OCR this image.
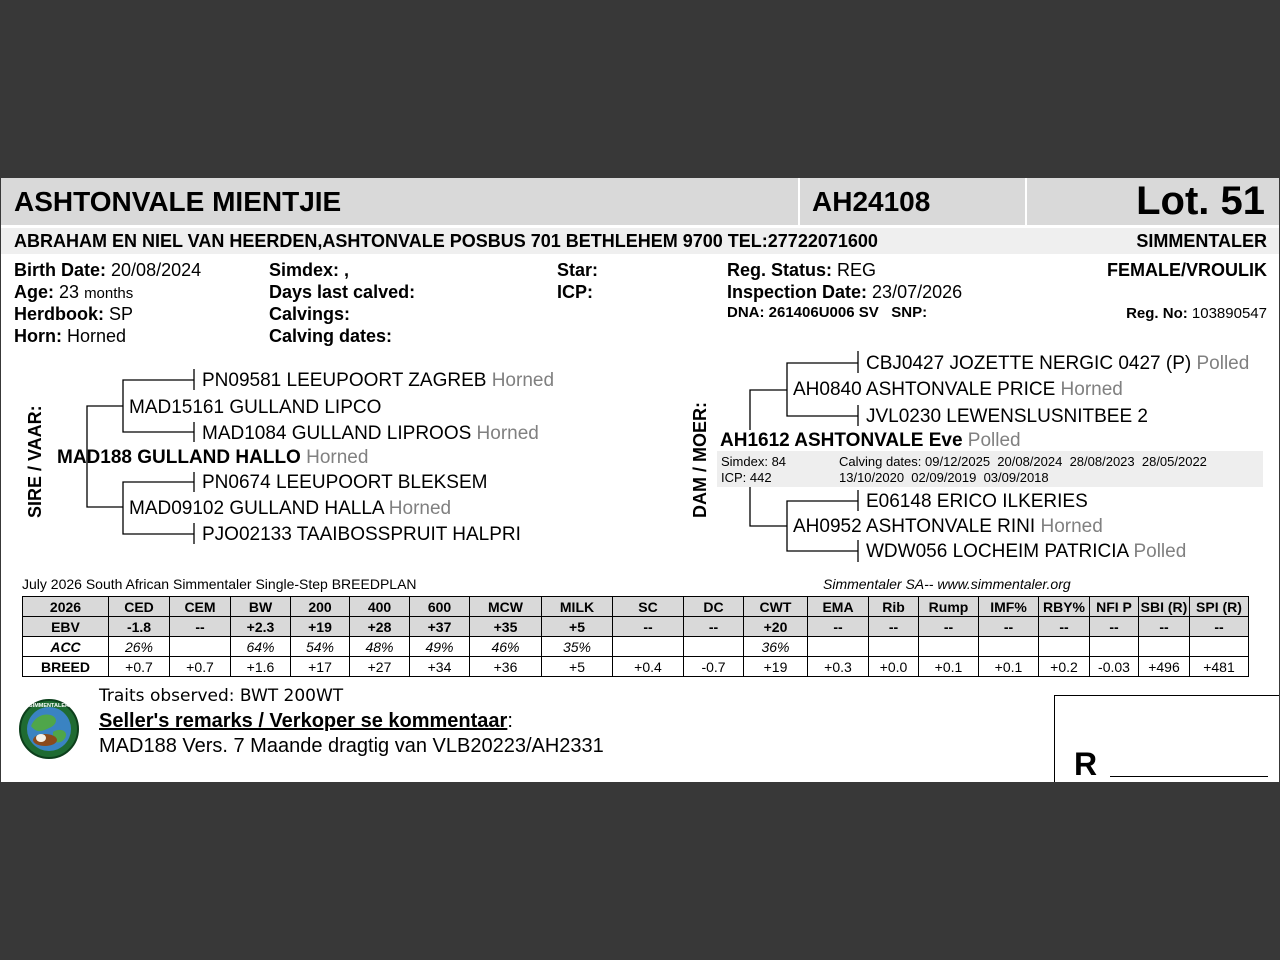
ASHTONVALE MIENTJIE	AH24108	Lot. 51
ABRAHAM EN NIEL VAN HEERDEN,ASHTONVALE POSBUS 701 BETHLEHEM 9700 TEL:27722071600	SIMMENTALER
Birth Date: 20/08/2024
Age: 23 months
Herdbook: SP
Horn: Horned
Simdex: ,
Days last calved:
Calvings:
Calving dates:
Star:
ICP:
Reg. Status: REG
Inspection Date: 23/07/2026
DNA: 261406U006 SV   SNP:
FEMALE/VROULIK
Reg. No: 103890547
SIRE / VAAR:	DAM / MOER:
PN09581 LEEUPOORT ZAGREB Horned
MAD15161 GULLAND LIPCO
MAD1084 GULLAND LIPROOS Horned
MAD188 GULLAND HALLO Horned
PN0674 LEEUPOORT BLEKSEM
MAD09102 GULLAND HALLA Horned
PJO02133 TAAIBOSSPRUIT HALPRI
CBJ0427 JOZETTE NERGIC 0427 (P) Polled
AH0840 ASHTONVALE PRICE Horned
JVL0230 LEWENSLUSNITBEE 2
AH1612 ASHTONVALE Eve Polled
Simdex: 84
ICP: 442
Calving dates: 09/12/2025  20/08/2024  28/08/2023  28/05/2022
13/10/2020  02/09/2019  03/09/2018
E06148 ERICO ILKERIES
AH0952 ASHTONVALE RINI Horned
WDW056 LOCHEIM PATRICIA Polled
July 2026 South African Simmentaler Single-Step BREEDPLAN	Simmentaler SA-- www.simmentaler.org
2026	CED	CEM	BW	200	400	600	MCW	MILK	SC	DC	CWT	EMA	Rib	Rump	IMF%	RBY%	NFI P	SBI (R)	SPI (R)
EBV	-1.8	--	+2.3	+19	+28	+37	+35	+5	--	--	+20	--	--	--	--	--	--	--	--
ACC	26%		64%	54%	48%	49%	46%	35%			36%								
BREED	+0.7	+0.7	+1.6	+17	+27	+34	+36	+5	+0.4	-0.7	+19	+0.3	+0.0	+0.1	+0.1	+0.2	-0.03	+496	+481
SIMMENTALER Traits observed: BWT 200WT
Seller's remarks / Verkoper se kommentaar:
MAD188 Vers. 7 Maande dragtig van VLB20223/AH2331	R
